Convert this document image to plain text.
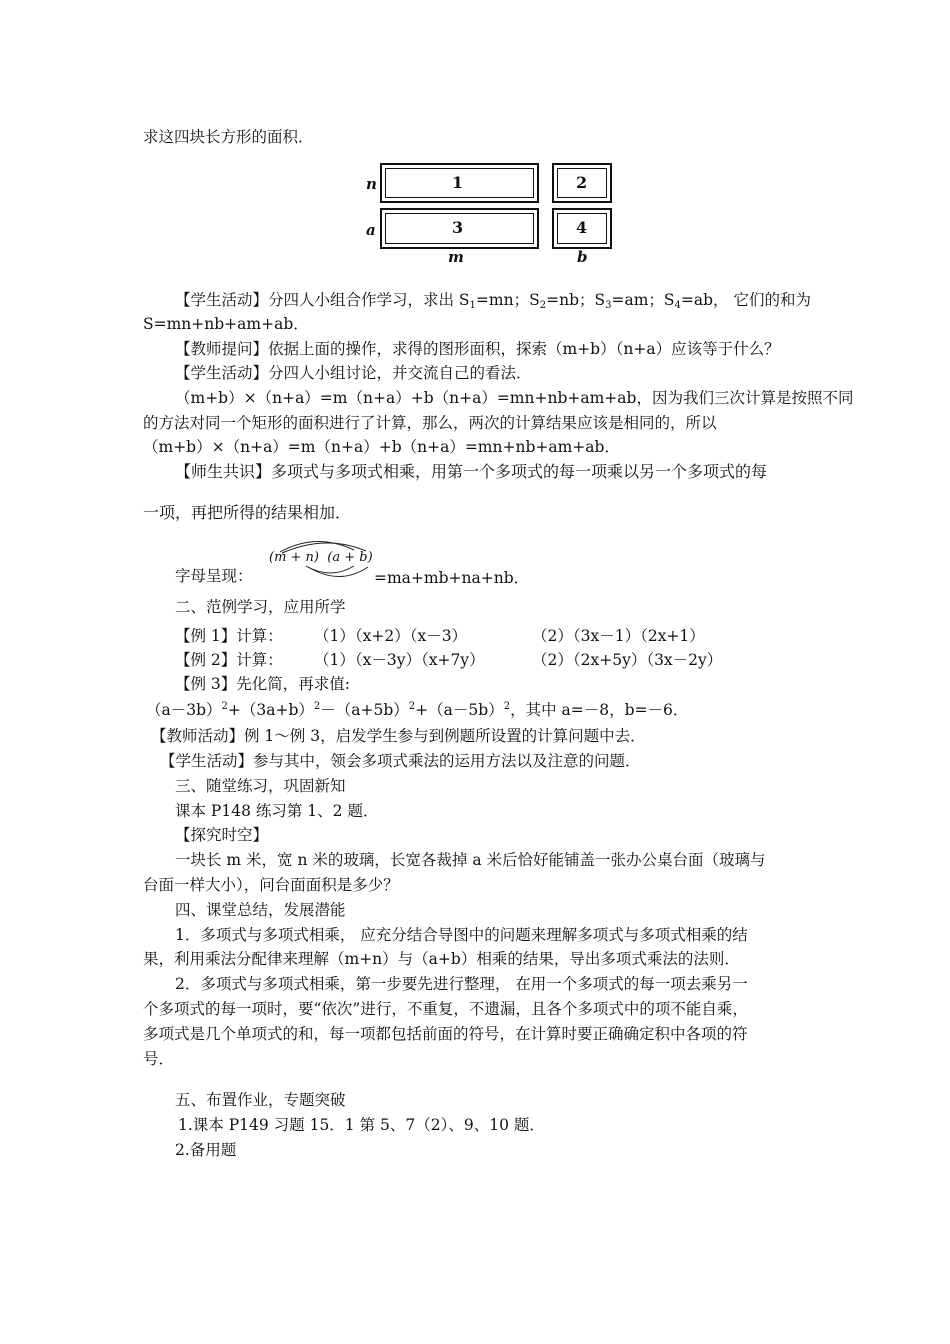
求这四块长方形的面积．
n
a
1	2
3	4
m	b
【学生活动】分四人小组合作学习，求出 $S_1=mn$；$S_2=nb$；$S_3=am$；$S_4=ab$， 它们的和为
S=mn+nb+am+ab．
【教师提问】依据上面的操作，求得的图形面积，探索（m+b）（n+a）应该等于什么？
【学生活动】分四人小组讨论，并交流自己的看法．
（m+b）×（n+a）=m（n+a）+b（n+a）=mn+nb+am+ab，因为我们三次计算是按照不同
的方法对同一个矩形的面积进行了计算，那么，两次的计算结果应该是相同的，所以
（m+b）×（n+a）=m（n+a）+b（n+a）=mn+nb+am+ab．
【师生共识】多项式与多项式相乘，用第一个多项式的每一项乘以另一个多项式的每
一项，再把所得的结果相加．
字母呈现：
(m + n)  (a + b)
=ma+mb+na+nb．
二、范例学习，应用所学
【例 1】计算： （1）（x+2）（x－3）	（2）（3x－1）（2x+1）
【例 2】计算： （1）（x－3y）（x+7y）	（2）（2x+5y）（3x－2y）
【例 3】先化简，再求值:
$(a-3b)^2+(3a+b)^2-(a+5b)^2+(a-5b)^2$，其中 a=－8，b=－6．
【教师活动】例 1～例 3，启发学生参与到例题所设置的计算问题中去．
【学生活动】参与其中，领会多项式乘法的运用方法以及注意的问题．
三、随堂练习，巩固新知
课本 P148 练习第 1、2 题．
【探究时空】
一块长 m 米，宽 n 米的玻璃，长宽各裁掉 a 米后恰好能铺盖一张办公桌台面（玻璃与
台面一样大小），问台面面积是多少？
四、课堂总结，发展潜能
1．多项式与多项式相乘， 应充分结合导图中的问题来理解多项式与多项式相乘的结
果，利用乘法分配律来理解（m+n）与（a+b）相乘的结果，导出多项式乘法的法则．
2．多项式与多项式相乘，第一步要先进行整理， 在用一个多项式的每一项去乘另一
个多项式的每一项时，要“依次”进行，不重复，不遗漏，且各个多项式中的项不能自乘，
多项式是几个单项式的和，每一项都包括前面的符号，在计算时要正确确定积中各项的符
号．
五、布置作业，专题突破
1.课本 P149 习题 15．1 第 5、7（2）、9、10 题．
2.备用题
